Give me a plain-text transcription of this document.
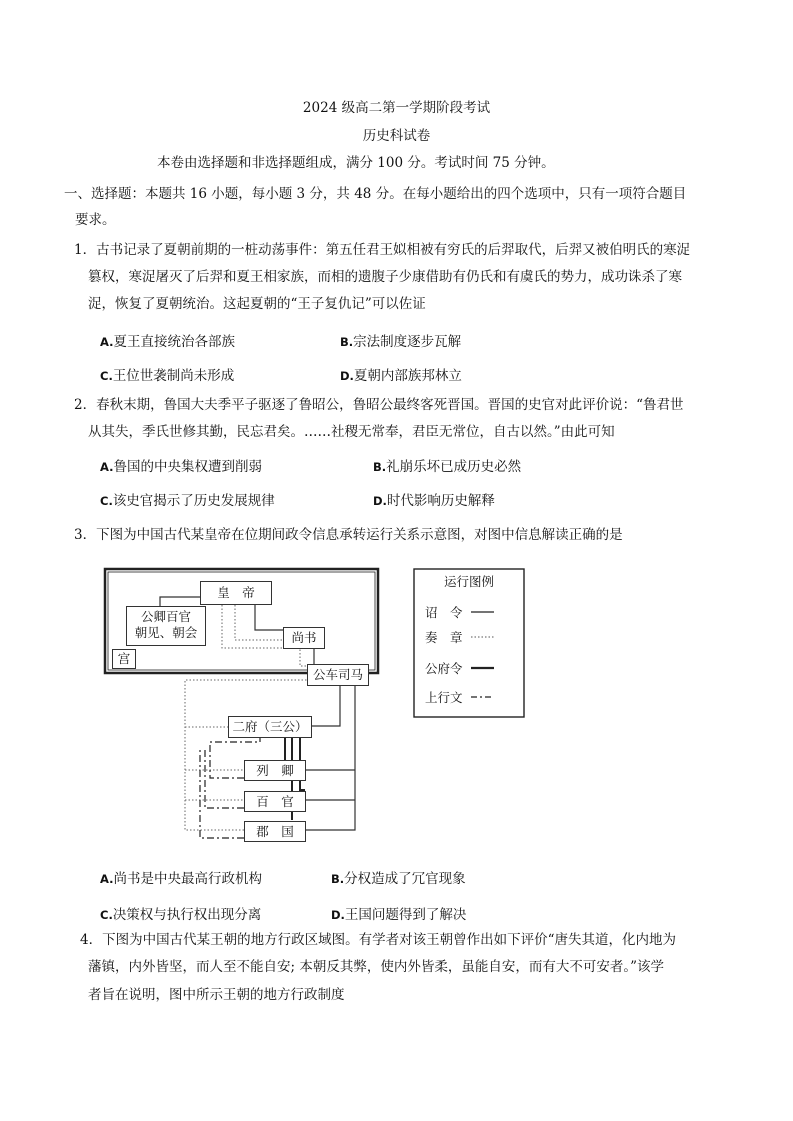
2024 级高二第一学期阶段考试
历史科试卷
本卷由选择题和非选择题组成，满分 100 分。考试时间 75 分钟。
一、选择题：本题共 16 小题，每小题 3 分，共 48 分。在每小题给出的四个选项中，只有一项符合题目
要求。
1．古书记录了夏朝前期的一桩动荡事件：第五任君王姒相被有穷氏的后羿取代，后羿又被伯明氏的寒浞
篡权，寒浞屠灭了后羿和夏王相家族，而相的遗腹子少康借助有仍氏和有虞氏的势力，成功诛杀了寒
浞，恢复了夏朝统治。这起夏朝的“王子复仇记”可以佐证
A.夏王直接统治各部族	B.宗法制度逐步瓦解
C.王位世袭制尚未形成	D.夏朝内部族邦林立
2．春秋末期，鲁国大夫季平子驱逐了鲁昭公，鲁昭公最终客死晋国。晋国的史官对此评价说：“鲁君世
从其失，季氏世修其勤，民忘君矣。……社稷无常奉，君臣无常位，自古以然。”由此可知
A.鲁国的中央集权遭到削弱	B.礼崩乐坏已成历史必然
C.该史官揭示了历史发展规律	D.时代影响历史解释
3．下图为中国古代某皇帝在位期间政令信息承转运行关系示意图，对图中信息解读正确的是
皇　帝
公卿百官
朝见、朝会	尚书
宫
公车司马
二府（三公）
列　卿
百　官
郡　国
运行图例
诏　令
奏　章
公府令
上行文
A.尚书是中央最高行政机构	B.分权造成了冗官现象
C.决策权与执行权出现分离	D.王国问题得到了解决
4．下图为中国古代某王朝的地方行政区域图。有学者对该王朝曾作出如下评价“唐失其道，化内地为
藩镇，内外皆坚，而人至不能自安; 本朝反其弊，使内外皆柔，虽能自安，而有大不可安者。”该学
者旨在说明，图中所示王朝的地方行政制度
